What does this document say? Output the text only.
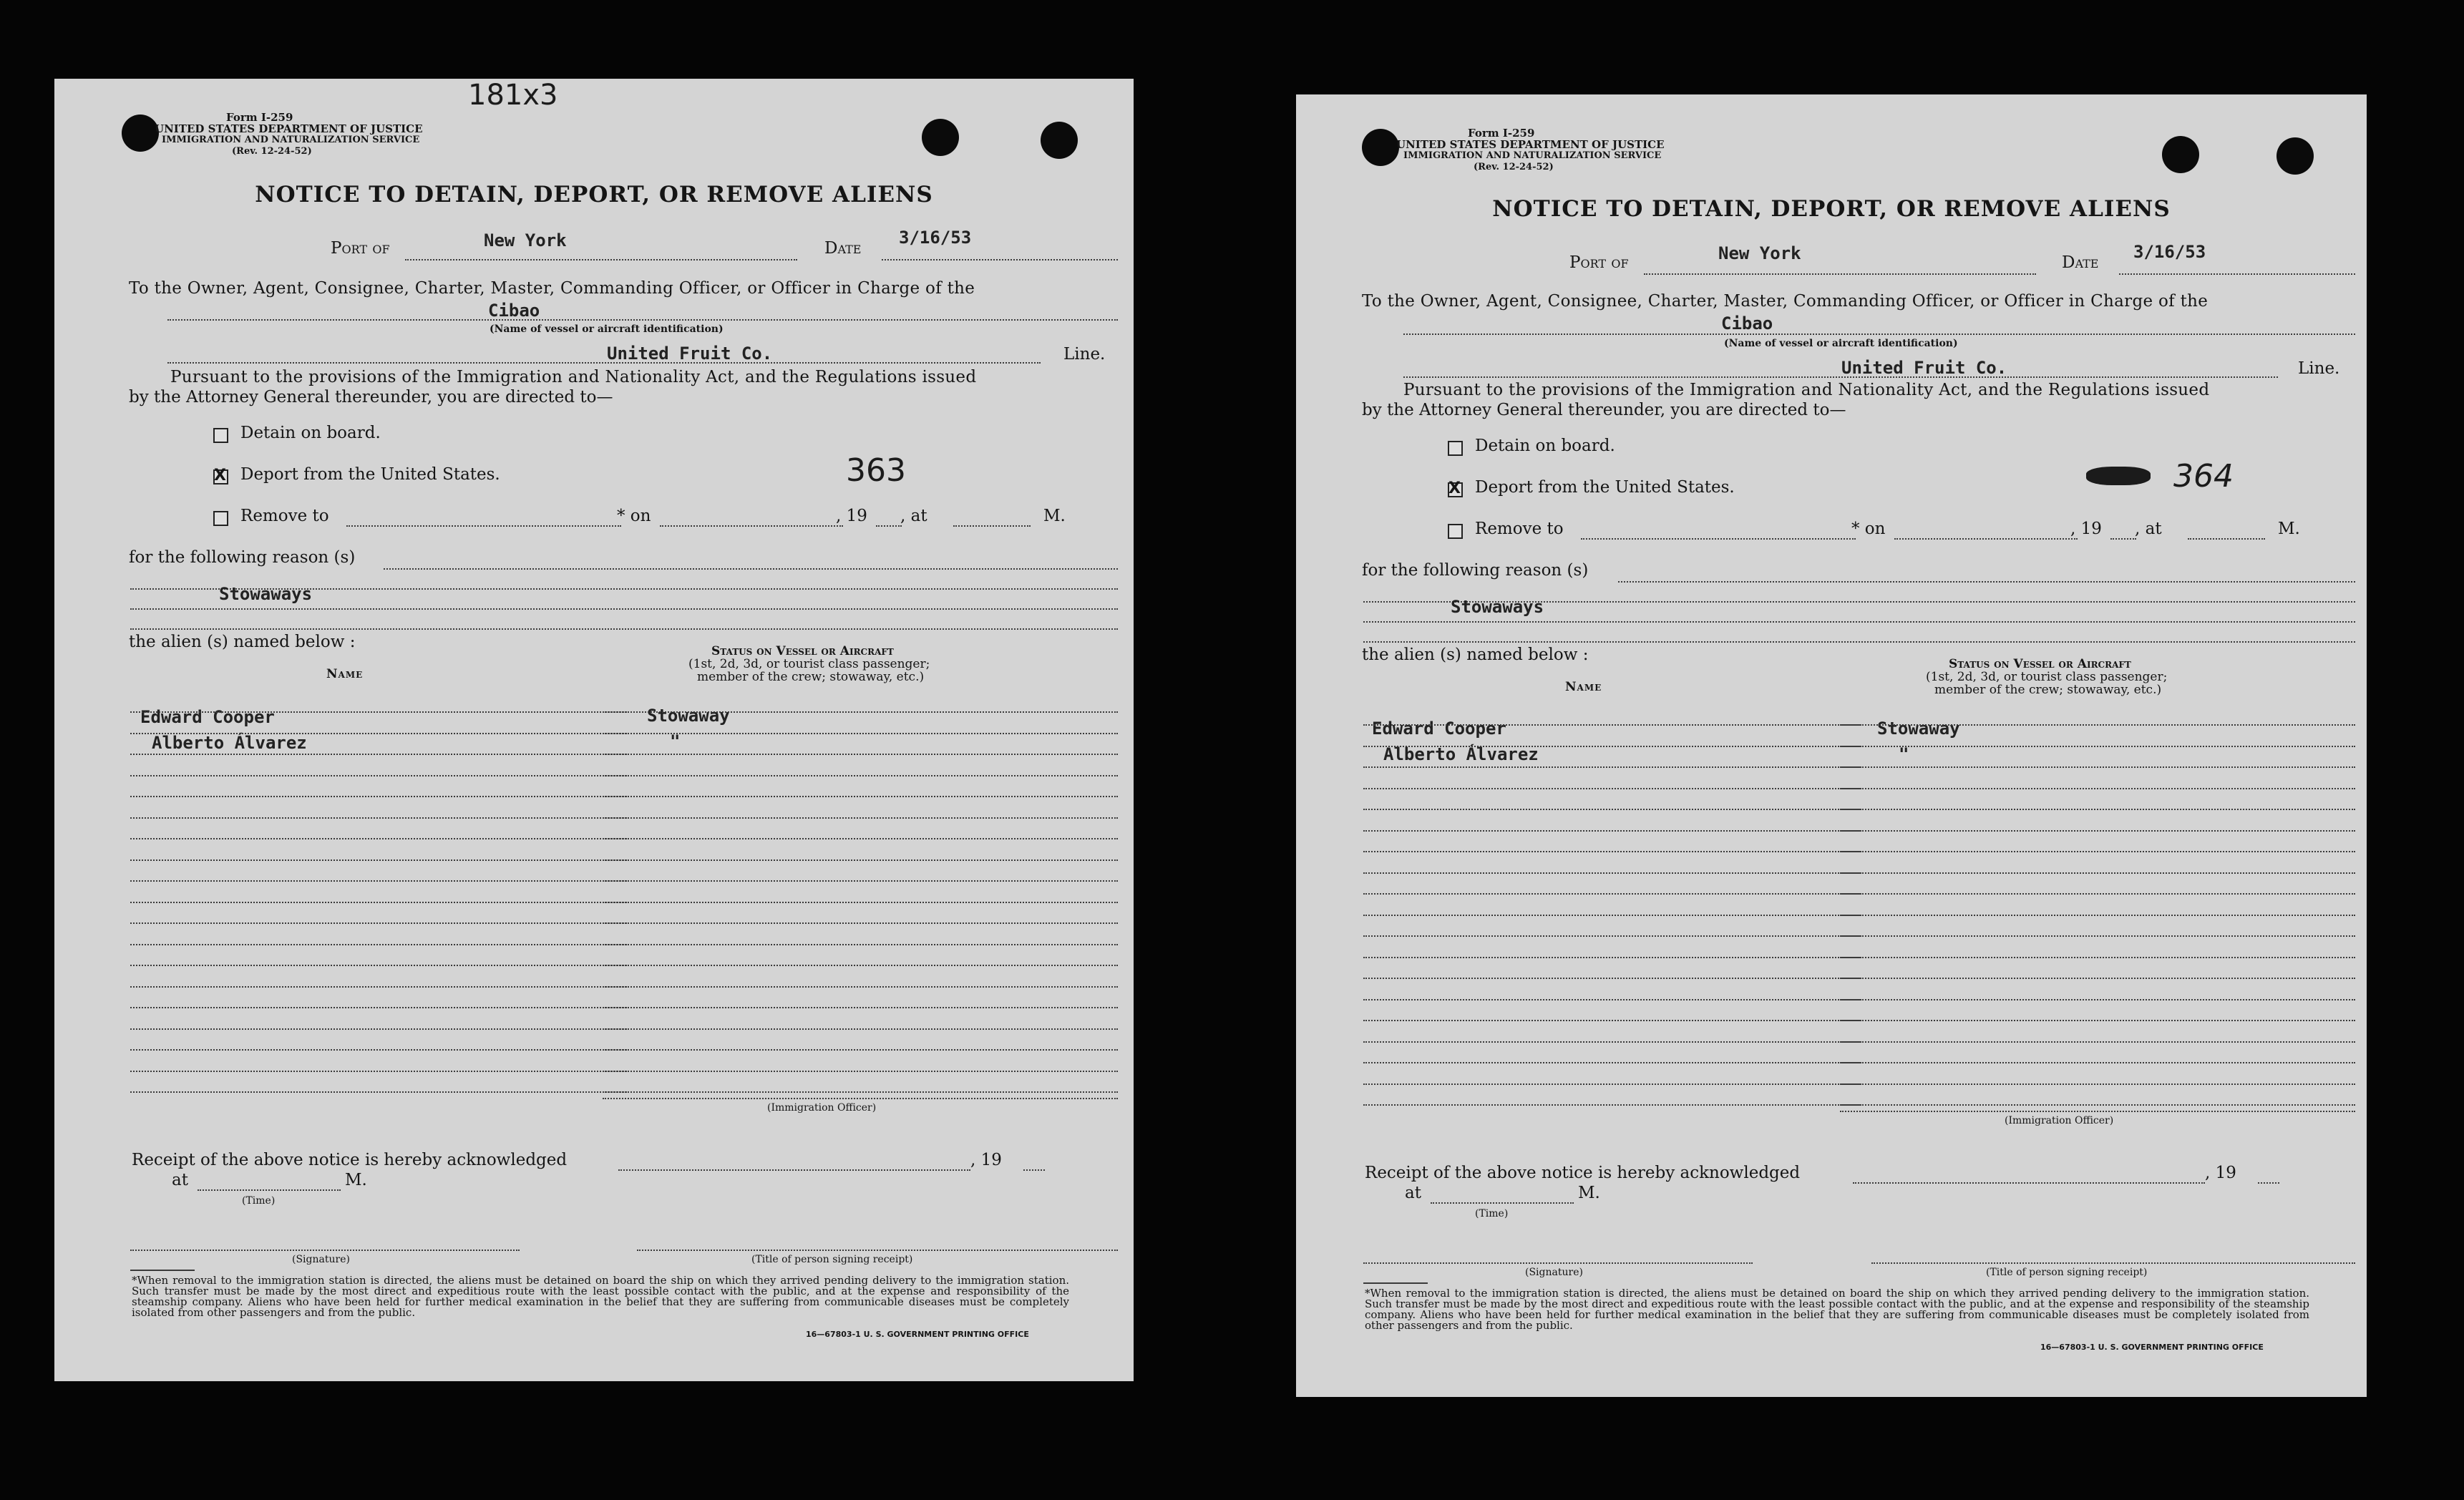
181x3
Form I-259
UNITED STATES DEPARTMENT OF JUSTICE
IMMIGRATION AND NATURALIZATION SERVICE
(Rev. 12-24-52)
NOTICE TO DETAIN, DEPORT, OR REMOVE ALIENS
Port of	New York	Date
3/16/53
To the Owner, Agent, Consignee, Charter, Master, Commanding Officer, or Officer in Charge of the
Cibao
(Name of vessel or aircraft identification)
United Fruit Co.	Line.
Pursuant to the provisions of the Immigration and Nationality Act, and the Regulations issued
by the Attorney General thereunder, you are directed to—
Detain on board.
X Deport from the United States.	363
Remove to	* on	, 19 , at	M.
for the following reason (s)
Stowaways
the alien (s) named below :
Name
Status on Vessel or Aircraft
(1st, 2d, 3d, or tourist class passenger;
member of the crew; stowaway, etc.)
Edward Cooper	Stowaway
Alberto Álvarez	"
(Immigration Officer)
Receipt of the above notice is hereby acknowledged	, 19
at	M.
(Time)
(Signature)	(Title of person signing receipt)
*When removal to the immigration station is directed, the aliens must be detained on board the ship on which they arrived pending delivery to the immigration station. Such transfer must be made by the most direct and expeditious route with the least possible contact with the public, and at the expense and responsibility of the steamship company. Aliens who have been held for further medical examination in the belief that they are suffering from communicable diseases must be completely isolated from other passengers and from the public.
16—67803-1 U. S. GOVERNMENT PRINTING OFFICE
Form I-259
UNITED STATES DEPARTMENT OF JUSTICE
IMMIGRATION AND NATURALIZATION SERVICE
(Rev. 12-24-52)
NOTICE TO DETAIN, DEPORT, OR REMOVE ALIENS
Port of	New York	Date
3/16/53
To the Owner, Agent, Consignee, Charter, Master, Commanding Officer, or Officer in Charge of the
Cibao
(Name of vessel or aircraft identification)
United Fruit Co.	Line.
Pursuant to the provisions of the Immigration and Nationality Act, and the Regulations issued
by the Attorney General thereunder, you are directed to—
Detain on board.
X Deport from the United States.	364
Remove to	* on	, 19 , at	M.
for the following reason (s)
Stowaways
the alien (s) named below :
Name
Status on Vessel or Aircraft
(1st, 2d, 3d, or tourist class passenger;
member of the crew; stowaway, etc.)
Edward Cooper	Stowaway
Alberto Álvarez	"
(Immigration Officer)
Receipt of the above notice is hereby acknowledged	, 19
at	M.
(Time)
(Signature)	(Title of person signing receipt)
*When removal to the immigration station is directed, the aliens must be detained on board the ship on which they arrived pending delivery to the immigration station. Such transfer must be made by the most direct and expeditious route with the least possible contact with the public, and at the expense and responsibility of the steamship company. Aliens who have been held for further medical examination in the belief that they are suffering from communicable diseases must be completely isolated from other passengers and from the public.
16—67803-1 U. S. GOVERNMENT PRINTING OFFICE
